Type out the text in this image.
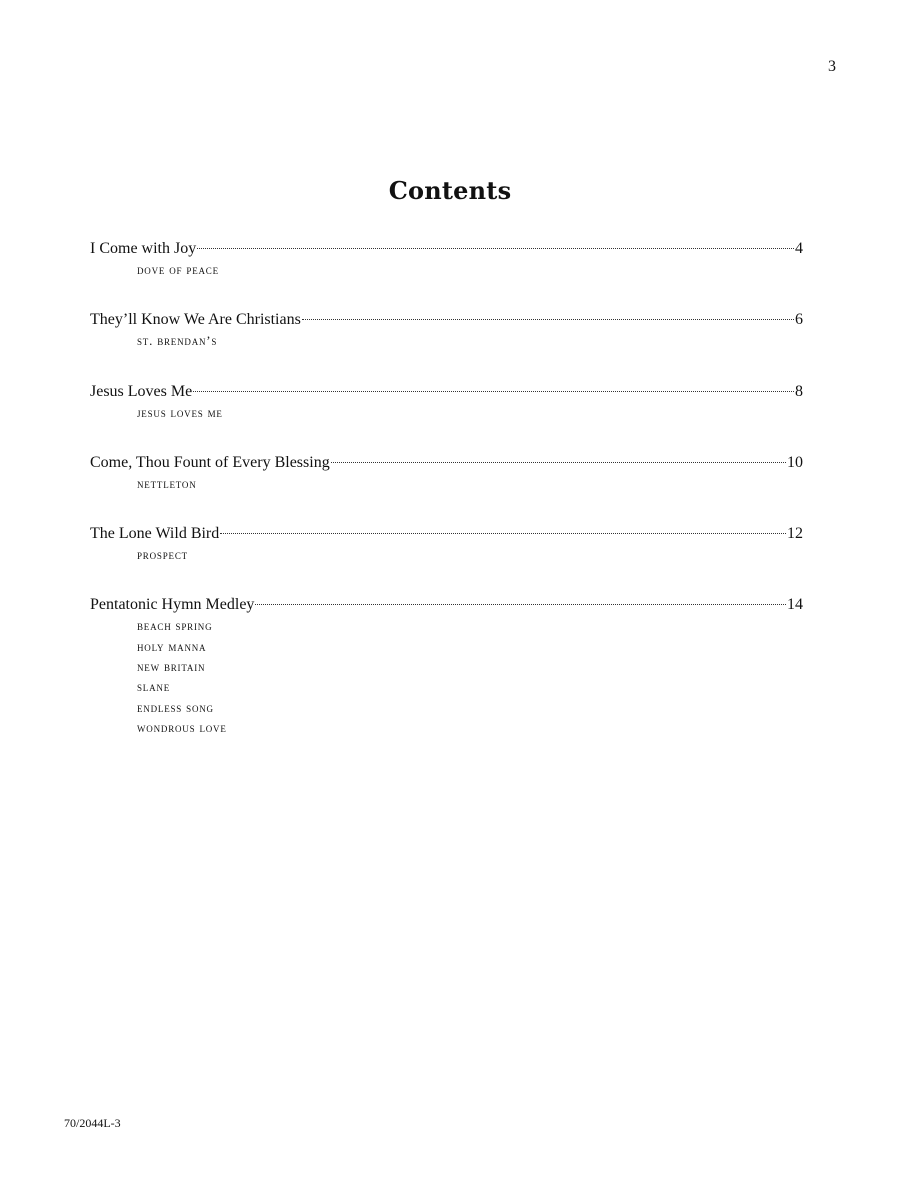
3
Contents
I Come with Joy	4
dove of peace
They’ll Know We Are Christians	6
st. brendan’s
Jesus Loves Me	8
jesus loves me
Come, Thou Fount of Every Blessing	10
nettleton
The Lone Wild Bird	12
prospect
Pentatonic Hymn Medley	14
beach spring
holy manna
new britain
slane
endless song
wondrous love
70/2044L-3
